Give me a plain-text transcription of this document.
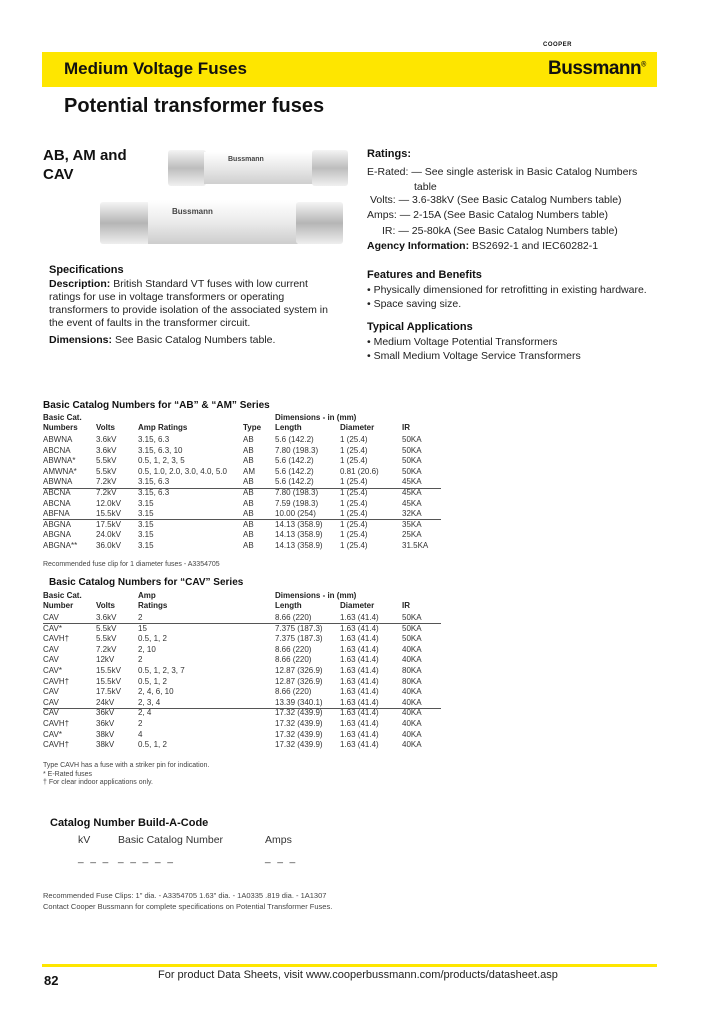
Medium Voltage Fuses
COOPER
Bussmann®
Potential transformer fuses
AB, AM and
CAV
Bussmann
Bussmann
Specifications
Description: British Standard VT fuses with low current
ratings for use in voltage transformers or operating
transformers to provide isolation of the associated system in
the event of faults in the transformer circuit.
Dimensions: See Basic Catalog Numbers table.
Ratings:
E-Rated: — See single asterisk in Basic Catalog Numbers
table
Volts: — 3.6-38kV (See Basic Catalog Numbers table)
Amps: — 2-15A (See Basic Catalog Numbers table)
IR: — 25-80kA (See Basic Catalog Numbers table)
Agency Information: BS2692-1 and IEC60282-1
Features and Benefits
• Physically dimensioned for retrofitting in existing hardware.
• Space saving size.
Typical Applications
• Medium Voltage Potential Transformers
• Small Medium Voltage Service Transformers
Basic Catalog Numbers for “AB” & “AM” Series
Basic Cat.
Numbers Volts	Amp Ratings	Type
Dimensions - in (mm)
Length	Diameter	IR
ABWNA	3.6kV	3.15, 6.3	AB	5.6 (142.2)	1 (25.4)	50KA
ABCNA	3.6kV	3.15, 6.3, 10	AB	7.80 (198.3)	1 (25.4)	50KA
ABWNA*	5.5kV	0.5, 1, 2, 3, 5	AB	5.6 (142.2)	1 (25.4)	50KA
AMWNA* 5.5kV	0.5, 1.0, 2.0, 3.0, 4.0, 5.0 AM	5.6 (142.2)	0.81 (20.6)	50KA
ABWNA	7.2kV	3.15, 6.3	AB	5.6 (142.2)	1 (25.4)	45KA
ABCNA	7.2kV	3.15, 6.3	AB	7.80 (198.3)	1 (25.4)	45KA
ABCNA	12.0kV 3.15	AB	7.59 (198.3)	1 (25.4)	45KA
ABFNA	15.5kV 3.15	AB	10.00 (254)	1 (25.4)	32KA
ABGNA	17.5kV 3.15	AB	14.13 (358.9) 1 (25.4)	35KA
ABGNA	24.0kV 3.15	AB	14.13 (358.9) 1 (25.4)	25KA
ABGNA** 36.0kV 3.15	AB	14.13 (358.9) 1 (25.4)	31.5KA
Recommended fuse clip for 1 diameter fuses - A3354705
Basic Catalog Numbers for “CAV” Series
Basic Cat.
Number	Volts
Amp
Ratings
Dimensions - in (mm)
Length	Diameter	IR
CAV	3.6kV	2	8.66 (220)	1.63 (41.4)	50KA
CAV*	5.5kV	15	7.375 (187.3) 1.63 (41.4)	50KA
CAVH†	5.5kV	0.5, 1, 2	7.375 (187.3) 1.63 (41.4)	50KA
CAV	7.2kV	2, 10	8.66 (220)	1.63 (41.4)	40KA
CAV	12kV	2	8.66 (220)	1.63 (41.4)	40KA
CAV*	15.5kV 0.5, 1, 2, 3, 7	12.87 (326.9) 1.63 (41.4)	80KA
CAVH†	15.5kV 0.5, 1, 2	12.87 (326.9) 1.63 (41.4)	80KA
CAV	17.5kV 2, 4, 6, 10	8.66 (220)	1.63 (41.4)	40KA
CAV	24kV	2, 3, 4	13.39 (340.1) 1.63 (41.4)	40KA
CAV	36kV	2, 4	17.32 (439.9) 1.63 (41.4)	40KA
CAVH†	36kV	2	17.32 (439.9) 1.63 (41.4)	40KA
CAV*	38kV	4	17.32 (439.9) 1.63 (41.4)	40KA
CAVH†	38kV	0.5, 1, 2	17.32 (439.9) 1.63 (41.4)	40KA
Type CAVH has a fuse with a striker pin for indication.
* E-Rated fuses
† For clear indoor applications only.
Catalog Number Build-A-Code
kV	Basic Catalog Number	Amps
_ _ _ _ _ _ _ _	_ _ _
Recommended Fuse Clips: 1" dia. - A3354705 1.63" dia. - 1A0335 .819 dia. - 1A1307
Contact Cooper Bussmann for complete specifications on Potential Transformer Fuses.
82	For product Data Sheets, visit www.cooperbussmann.com/products/datasheet.asp
